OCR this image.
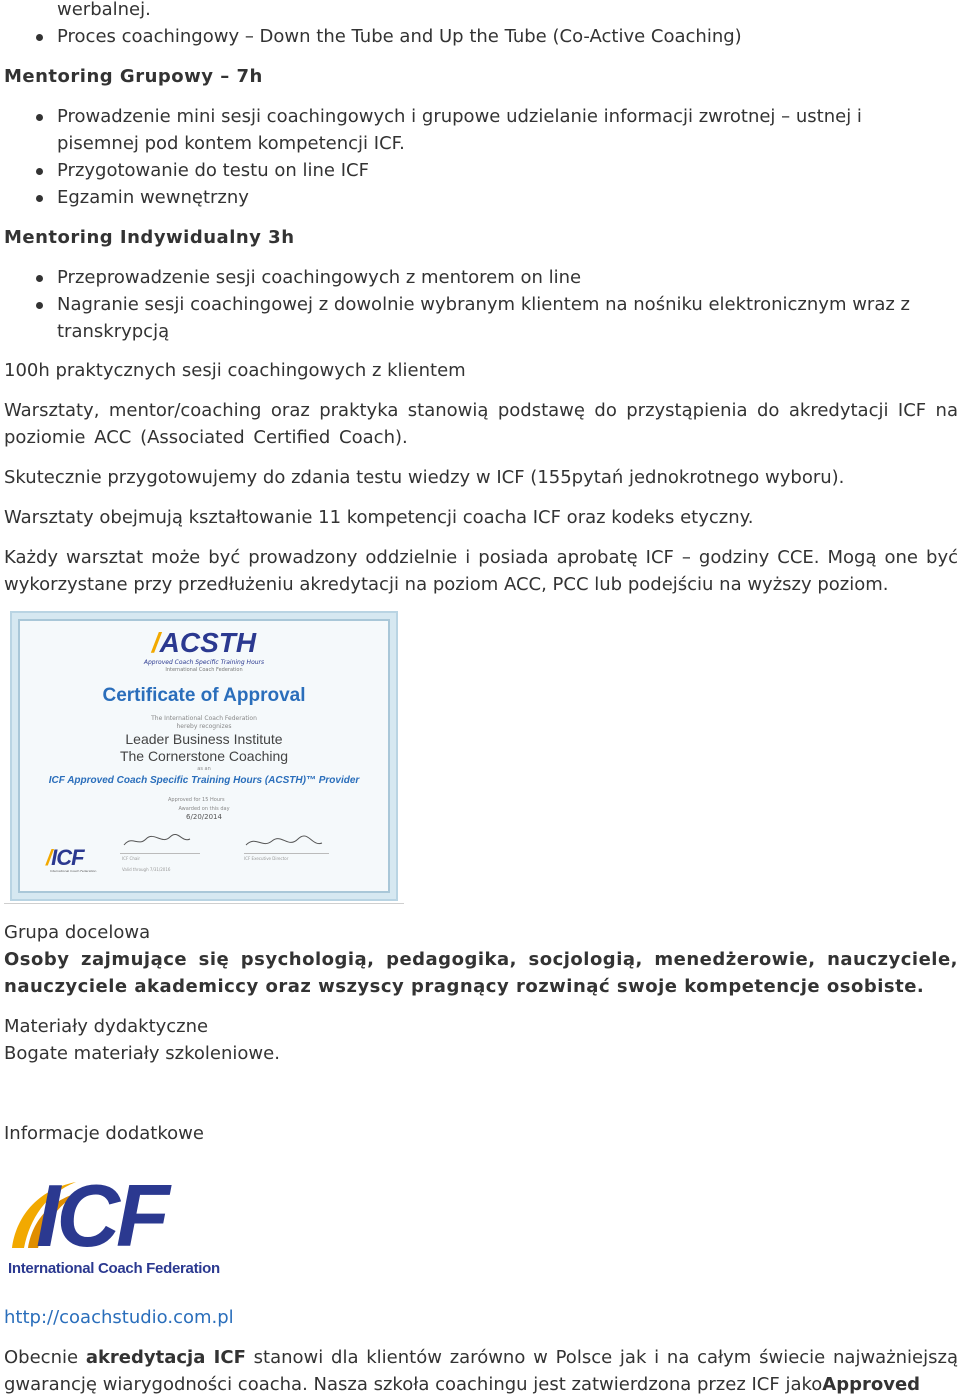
werbalnej.
Proces coachingowy – Down the Tube and Up the Tube (Co-Active Coaching)
Mentoring Grupowy – 7h
Prowadzenie mini sesji coachingowych i grupowe udzielanie informacji zwrotnej – ustnej i pisemnej pod kontem kompetencji ICF.
Przygotowanie do testu on line ICF
Egzamin wewnętrzny
Mentoring Indywidualny 3h
Przeprowadzenie sesji coachingowych z mentorem on line
Nagranie sesji coachingowej z dowolnie wybranym klientem na nośniku elektronicznym wraz z transkrypcją
100h praktycznych sesji coachingowych z klientem
Warsztaty, mentor/coaching oraz praktyka stanowią podstawę do przystąpienia do akredytacji ICF na poziomie ACC (Associated Certified Coach).
Skutecznie przygotowujemy do zdania testu wiedzy w ICF (155pytań jednokrotnego wyboru).
Warsztaty obejmują kształtowanie 11 kompetencji coacha ICF oraz kodeks etyczny.
Każdy warsztat może być prowadzony oddzielnie i posiada aprobatę ICF – godziny CCE. Mogą one być wykorzystane przy przedłużeniu akredytacji na poziom ACC, PCC lub podejściu na wyższy poziom.
/ACSTH
Approved Coach Specific Training Hours
International Coach Federation
Certificate of Approval
The International Coach Federation
hereby recognizes
Leader Business Institute
The Cornerstone Coaching
as an
ICF Approved Coach Specific Training Hours (ACSTH)™ Provider
Approved for 15 Hours
Awarded on this day
6/20/2014
ICF Chair	ICF Executive Director
Valid through 7/31/2016
/ICF
International Coach Federation
Grupa docelowa
Osoby zajmujące się psychologią, pedagogika, socjologią, menedżerowie, nauczyciele, nauczyciele akademiccy oraz wszyscy pragnący rozwinąć swoje kompetencje osobiste.
Materiały dydaktyczne
Bogate materiały szkoleniowe.
Informacje dodatkowe
ICF
International Coach Federation
http://coachstudio.com.pl
Obecnie akredytacja ICF stanowi dla klientów zarówno w Polsce jak i na całym świecie najważniejszą gwarancję wiarygodności coacha. Nasza szkoła coachingu jest zatwierdzona przez ICF jakoApproved
